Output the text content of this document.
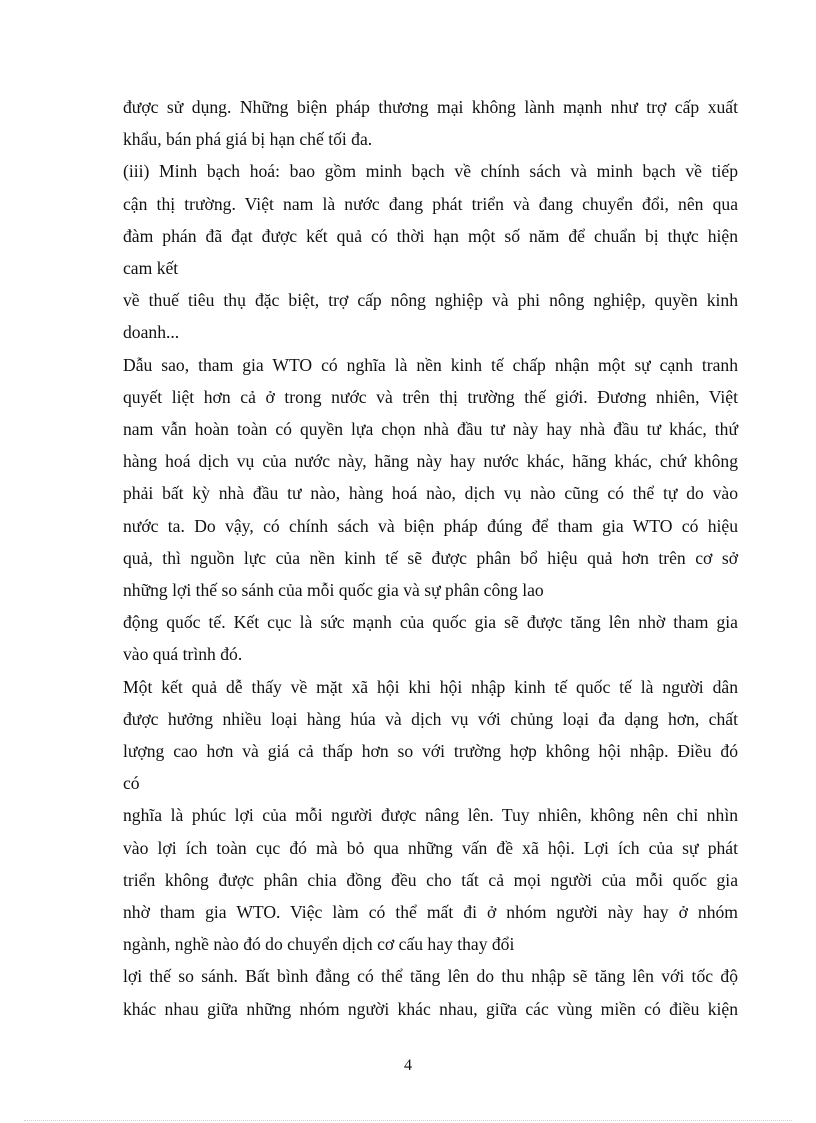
được sử dụng. Những biện pháp thương mại không lành mạnh như trợ cấp xuất
khẩu, bán phá giá bị hạn chế tối đa.
(iii) Minh bạch hoá: bao gồm minh bạch về chính sách và minh bạch về tiếp
cận thị trường. Việt nam là nước đang phát triển và đang chuyển đổi, nên qua
đàm phán đã đạt được kết quả có thời hạn một số năm để chuẩn bị thực hiện
cam kết
về thuế tiêu thụ đặc biệt, trợ cấp nông nghiệp và phi nông nghiệp, quyền kinh
doanh...
Dẫu sao, tham gia WTO có nghĩa là nền kinh tế chấp nhận một sự cạnh tranh
quyết liệt hơn cả ở trong nước và trên thị trường thế giới. Đương nhiên, Việt
nam vẫn hoàn toàn có quyền lựa chọn nhà đầu tư này hay nhà đầu tư khác, thứ
hàng hoá dịch vụ của nước này, hãng này hay nước khác, hãng khác, chứ không
phải bất kỳ nhà đầu tư nào, hàng hoá nào, dịch vụ nào cũng có thể tự do vào
nước ta. Do vậy, có chính sách và biện pháp đúng để tham gia WTO có hiệu
quả, thì nguồn lực của nền kinh tế sẽ được phân bổ hiệu quả hơn trên cơ sở
những lợi thế so sánh của mỗi quốc gia và sự phân công lao
động quốc tế. Kết cục là sức mạnh của quốc gia sẽ được tăng lên nhờ tham gia
vào quá trình đó.
Một kết quả dễ thấy về mặt xã hội khi hội nhập kinh tế quốc tế là người dân
được hưởng nhiều loại hàng húa và dịch vụ với chủng loại đa dạng hơn, chất
lượng cao hơn và giá cả thấp hơn so với trường hợp không hội nhập. Điều đó
có
nghĩa là phúc lợi của mỗi người được nâng lên. Tuy nhiên, không nên chỉ nhìn
vào lợi ích toàn cục đó mà bỏ qua những vấn đề xã hội. Lợi ích của sự phát
triển không được phân chia đồng đều cho tất cả mọi người của mỗi quốc gia
nhờ tham gia WTO. Việc làm có thể mất đi ở nhóm người này hay ở nhóm
ngành, nghề nào đó do chuyển dịch cơ cấu hay thay đổi
lợi thế so sánh. Bất bình đẳng có thể tăng lên do thu nhập sẽ tăng lên với tốc độ
khác nhau giữa những nhóm người khác nhau, giữa các vùng miền có điều kiện
4
